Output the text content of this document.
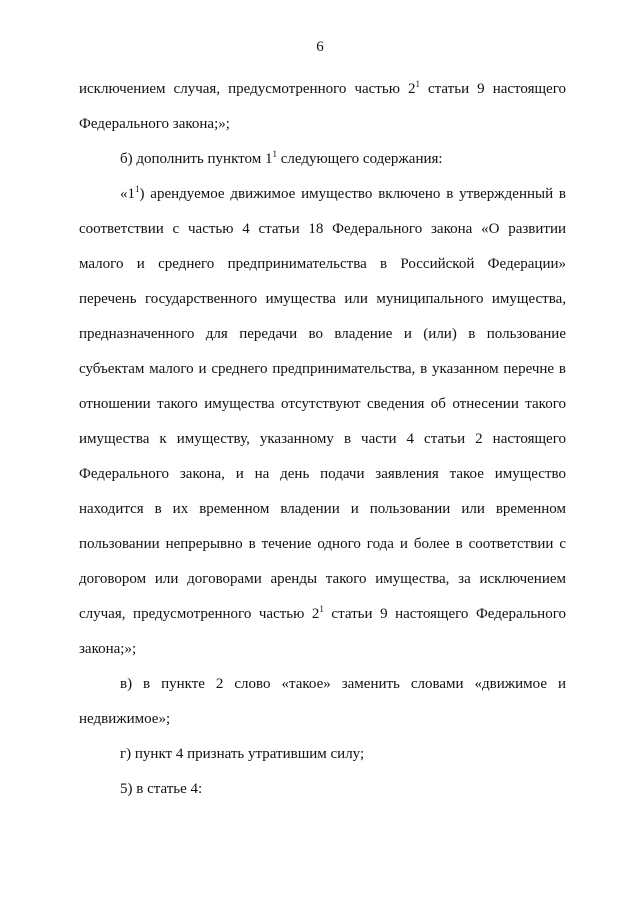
6

исключением случая, предусмотренного частью $2^1$ статьи 9 настоящего
Федерального закона;»;

б) дополнить пунктом $1^1$ следующего содержания:

«$1^1$) арендуемое движимое имущество включено в утвержденный в
соответствии с частью 4 статьи 18 Федерального закона «О развитии
малого и среднего предпринимательства в Российской Федерации»
перечень государственного имущества или муниципального имущества,
предназначенного для передачи во владение и (или) в пользование
субъектам малого и среднего предпринимательства, в указанном перечне в
отношении такого имущества отсутствуют сведения об отнесении такого
имущества к имуществу, указанному в части 4 статьи 2 настоящего
Федерального закона, и на день подачи заявления такое имущество
находится в их временном владении и пользовании или временном
пользовании непрерывно в течение одного года и более в соответствии с
договором или договорами аренды такого имущества, за исключением
случая, предусмотренного частью $2^1$ статьи 9 настоящего Федерального
закона;»;
в) в пункте 2 слово «такое» заменить словами «движимое и
недвижимое»;

г) пункт 4 признать утратившим силу;

5) в статье 4:
